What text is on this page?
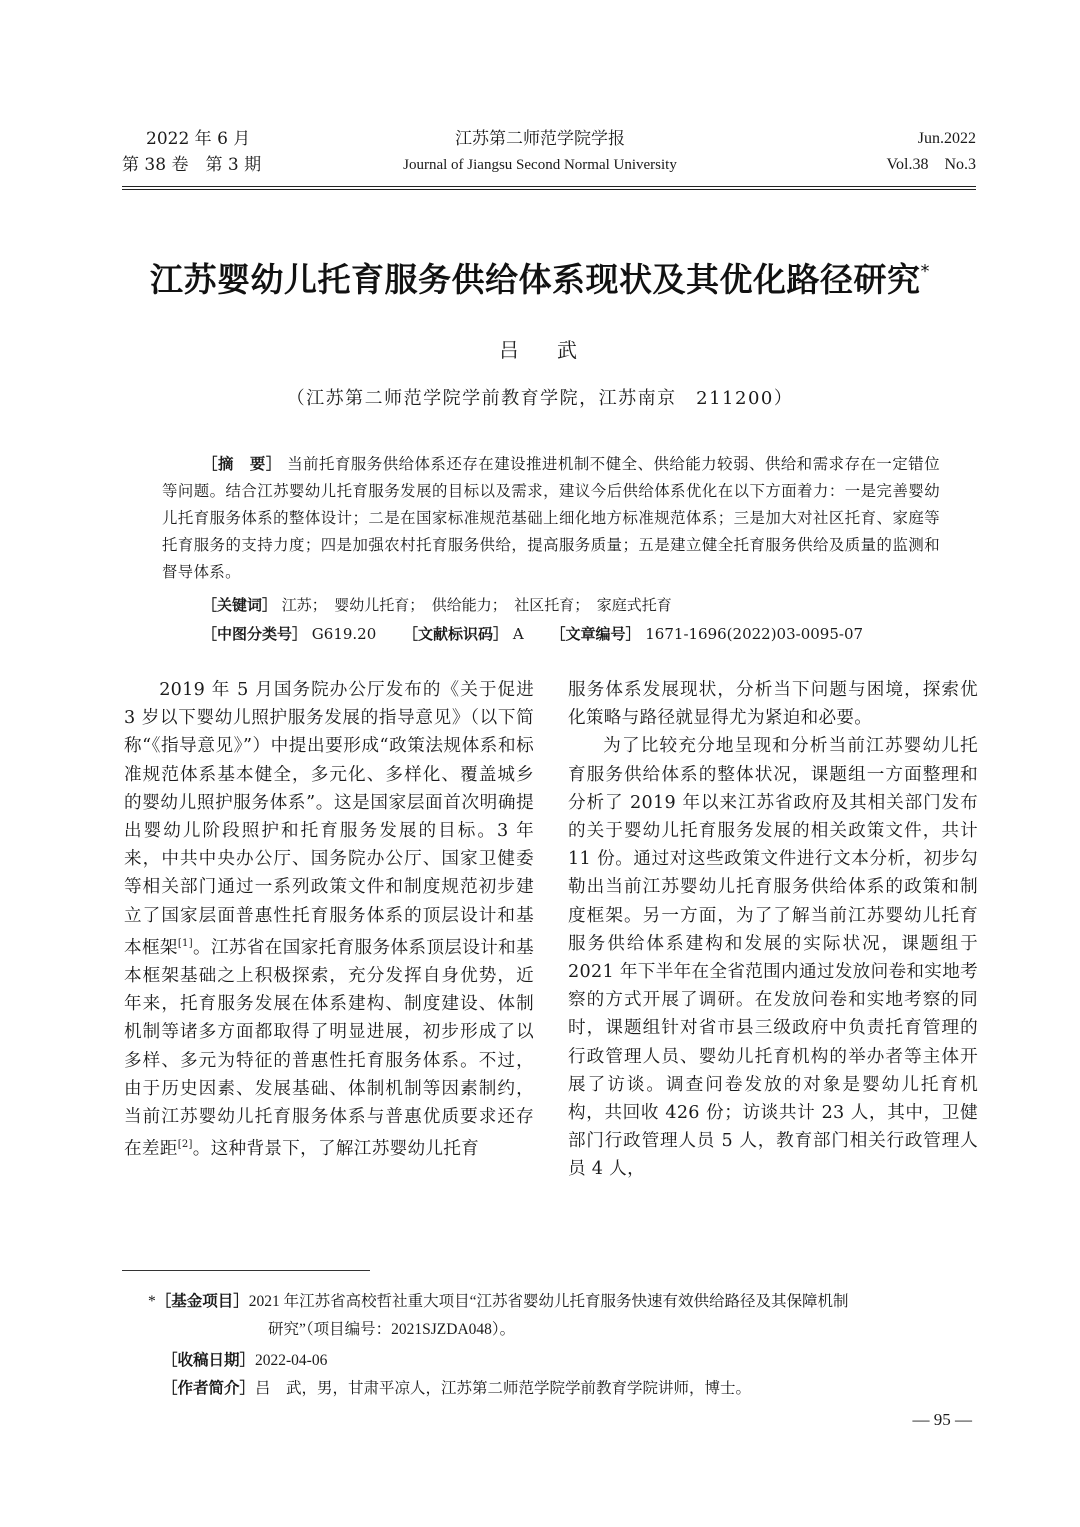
2022 年 6 月
第 38 卷　第 3 期
江苏第二师范学院学报
Journal of Jiangsu Second Normal University
Jun.2022
Vol.38　No.3
江苏婴幼儿托育服务供给体系现状及其优化路径研究*
吕 武
（江苏第二师范学院学前教育学院，江苏南京　211200）
［摘　要］ 当前托育服务供给体系还存在建设推进机制不健全、供给能力较弱、供给和需求存在一定错位等问题。结合江苏婴幼儿托育服务发展的目标以及需求，建议今后供给体系优化在以下方面着力：一是完善婴幼儿托育服务体系的整体设计；二是在国家标准规范基础上细化地方标准规范体系；三是加大对社区托育、家庭等托育服务的支持力度；四是加强农村托育服务供给，提高服务质量；五是建立健全托育服务供给及质量的监测和督导体系。
［关键词］ 江苏；　婴幼儿托育；　供给能力；　社区托育；　家庭式托育
［中图分类号］ G619.20 ［文献标识码］ A ［文章编号］ 1671-1696(2022)03-0095-07

2019 年 5 月国务院办公厅发布的《关于促进 3 岁以下婴幼儿照护服务发展的指导意见》（以下简称“《指导意见》”）中提出要形成“政策法规体系和标准规范体系基本健全，多元化、多样化、覆盖城乡的婴幼儿照护服务体系”。这是国家层面首次明确提出婴幼儿阶段照护和托育服务发展的目标。3 年来，中共中央办公厅、国务院办公厅、国家卫健委等相关部门通过一系列政策文件和制度规范初步建立了国家层面普惠性托育服务体系的顶层设计和基本框架[1]。江苏省在国家托育服务体系顶层设计和基本框架基础之上积极探索，充分发挥自身优势，近年来，托育服务发展在体系建构、制度建设、体制机制等诸多方面都取得了明显进展，初步形成了以多样、多元为特征的普惠性托育服务体系。不过，由于历史因素、发展基础、体制机制等因素制约，当前江苏婴幼儿托育服务体系与普惠优质要求还存在差距[2]。这种背景下，了解江苏婴幼儿托育

服务体系发展现状，分析当下问题与困境，探索优化策略与路径就显得尤为紧迫和必要。

为了比较充分地呈现和分析当前江苏婴幼儿托育服务供给体系的整体状况，课题组一方面整理和分析了 2019 年以来江苏省政府及其相关部门发布的关于婴幼儿托育服务发展的相关政策文件，共计 11 份。通过对这些政策文件进行文本分析，初步勾勒出当前江苏婴幼儿托育服务供给体系的政策和制度框架。另一方面，为了了解当前江苏婴幼儿托育服务供给体系建构和发展的实际状况，课题组于 2021 年下半年在全省范围内通过发放问卷和实地考察的方式开展了调研。在发放问卷和实地考察的同时，课题组针对省市县三级政府中负责托育管理的行政管理人员、婴幼儿托育机构的举办者等主体开展了访谈。调查问卷发放的对象是婴幼儿托育机构，共回收 426 份；访谈共计 23 人，其中，卫健部门行政管理人员 5 人，教育部门相关行政管理人员 4 人，

*［基金项目］2021 年江苏省高校哲社重大项目“江苏省婴幼儿托育服务快速有效供给路径及其保障机制
研究”（项目编号：2021SJZDA048）。
［收稿日期］2022-04-06
［作者简介］吕　武，男，甘肃平凉人，江苏第二师范学院学前教育学院讲师，博士。
— 95 —
